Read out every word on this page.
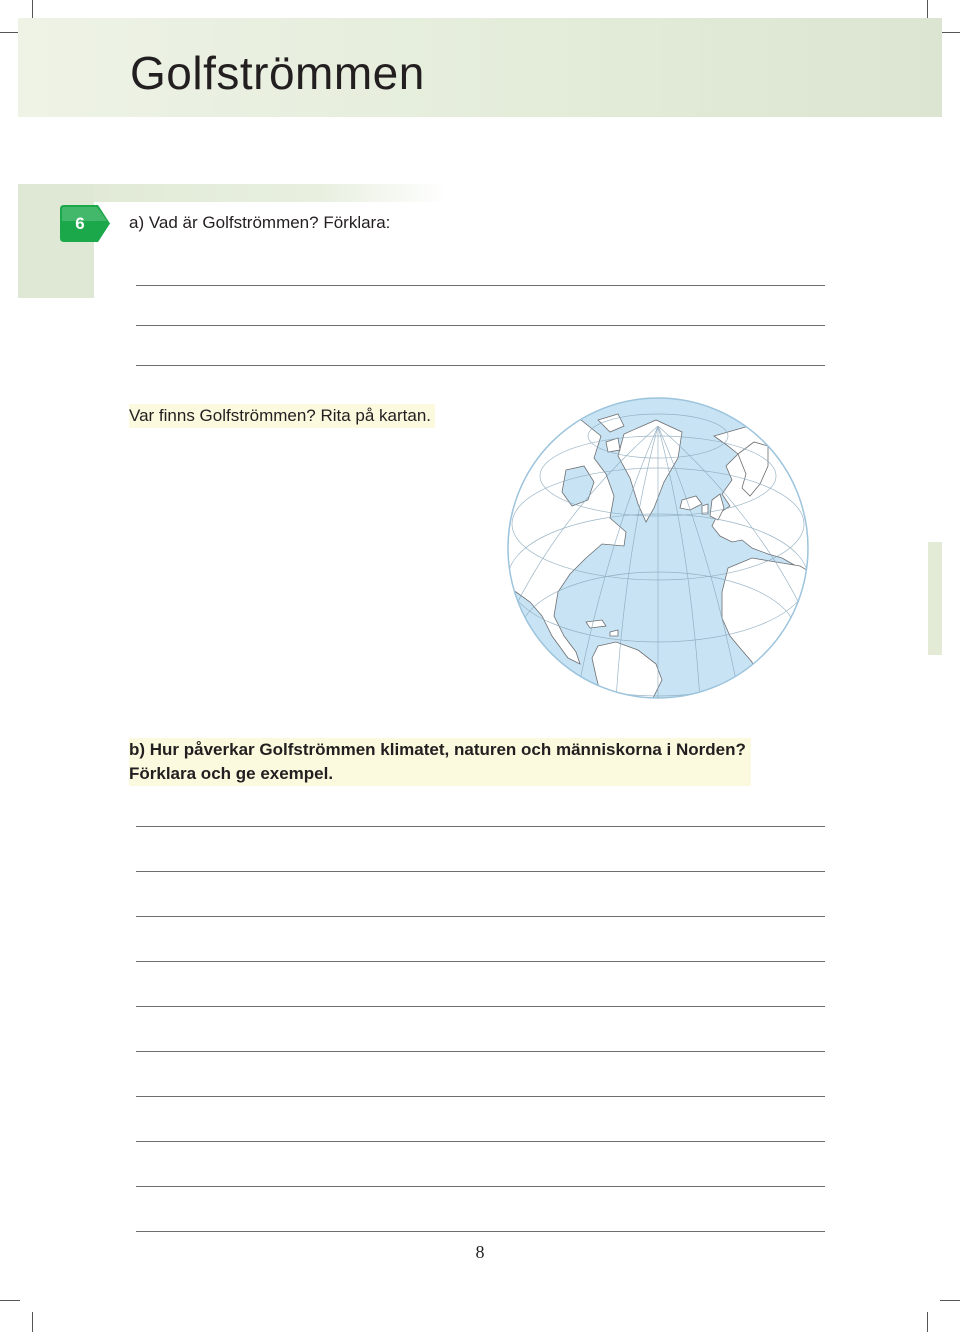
Golfströmmen
6	a) Vad är Golfströmmen? Förklara:
Var finns Golfströmmen? Rita på kartan.
b) Hur påverkar Golfströmmen klimatet, naturen och människorna i Norden?
Förklara och ge exempel.
8
